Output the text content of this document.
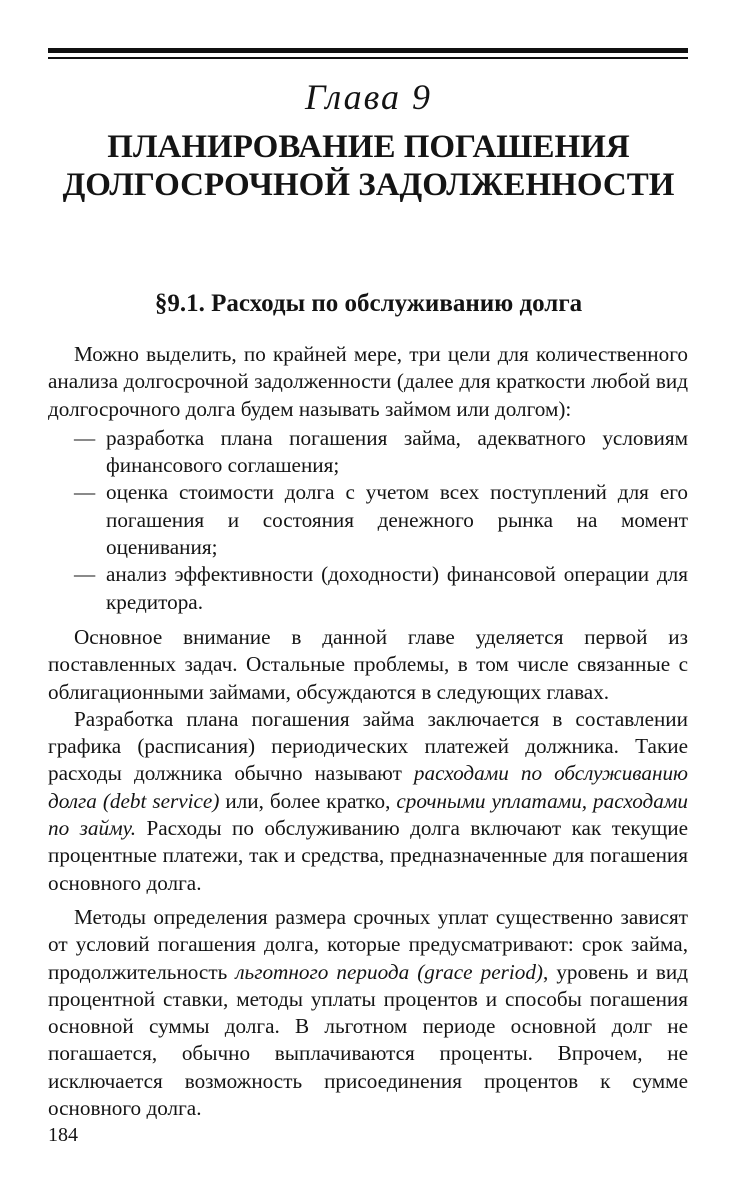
Глава 9
ПЛАНИРОВАНИЕ ПОГАШЕНИЯ
ДОЛГОСРОЧНОЙ ЗАДОЛЖЕННОСТИ
§9.1. Расходы по обслуживанию долга

Можно выделить, по крайней мере, три цели для количественного анализа долгосрочной задолженности (далее для краткости любой вид долгосрочного долга будем называть займом или долгом):

— разработка плана погашения займа, адекватного условиям финансового соглашения;
— оценка стоимости долга с учетом всех поступлений для его погашения и состояния денежного рынка на момент оценивания;
— анализ эффективности (доходности) финансовой операции для кредитора.

Основное внимание в данной главе уделяется первой из поставленных задач. Остальные проблемы, в том числе связанные с облигационными займами, обсуждаются в следующих главах.

Разработка плана погашения займа заключается в составлении графика (расписания) периодических платежей должника. Такие расходы должника обычно называют расходами по обслуживанию долга (debt service) или, более кратко, срочными уплатами, расходами по займу. Расходы по обслуживанию долга включают как текущие процентные платежи, так и средства, предназначенные для погашения основного долга.

Методы определения размера срочных уплат существенно зависят от условий погашения долга, которые предусматривают: срок займа, продолжительность льготного периода (grace period), уровень и вид процентной ставки, методы уплаты процентов и способы погашения основной суммы долга. В льготном периоде основной долг не погашается, обычно выплачиваются проценты. Впрочем, не исключается возможность присоединения процентов к сумме основного долга.

184
